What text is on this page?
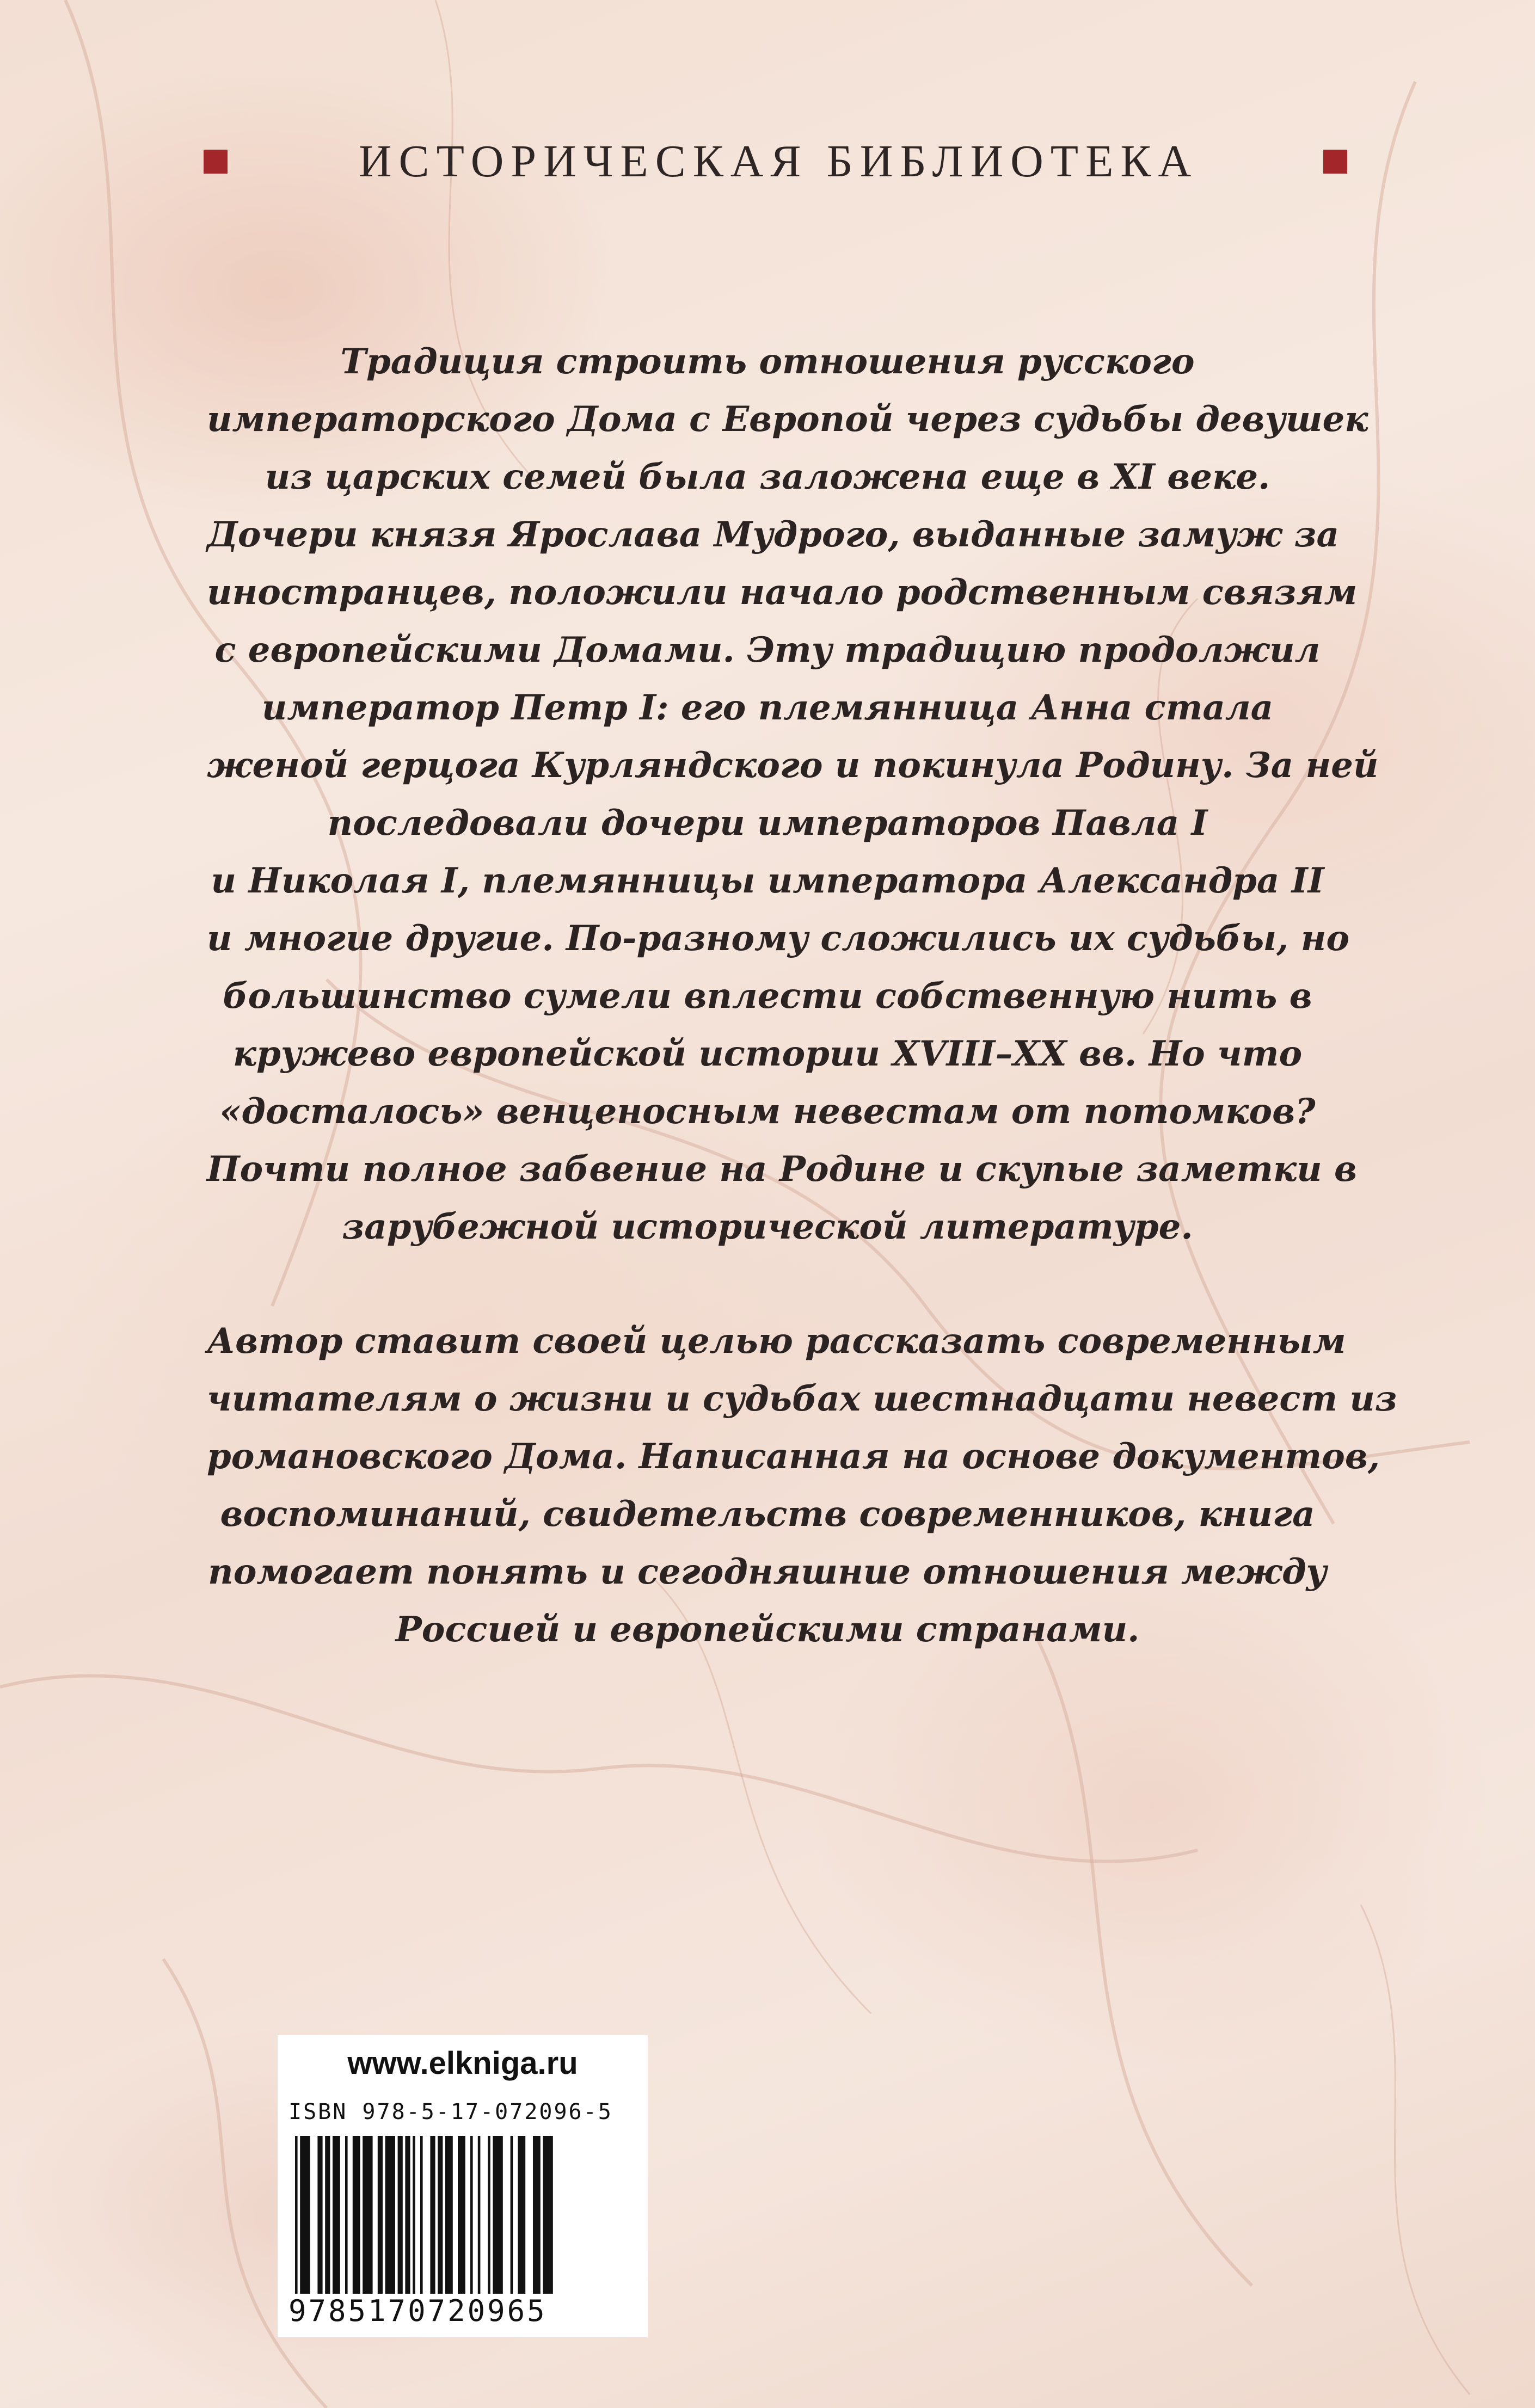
ИСТОРИЧЕСКАЯ БИБЛИОТЕКА
Традиция строить отношения русского
императорского Дома с Европой через судьбы девушек
из царских семей была заложена еще в XI веке.
Дочери князя Ярослава Мудрого, выданные замуж за
иностранцев, положили начало родственным связям
с европейскими Домами. Эту традицию продолжил
император Петр I: его племянница Анна стала
женой герцога Курляндского и покинула Родину. За ней
последовали дочери императоров Павла I
и Николая I, племянницы императора Александра II
и многие другие. По-разному сложились их судьбы, но
большинство сумели вплести собственную нить в
кружево европейской истории XVIII–XX вв. Но что
«досталось» венценосным невестам от потомков?
Почти полное забвение на Родине и скупые заметки в
зарубежной исторической литературе.
Автор ставит своей целью рассказать современным
читателям о жизни и судьбах шестнадцати невест из
романовского Дома. Написанная на основе документов,
воспоминаний, свидетельств современников, книга
помогает понять и сегодняшние отношения между
Россией и европейскими странами.
www.elkniga.ru
ISBN 978-5-17-072096-5
9785170720965
